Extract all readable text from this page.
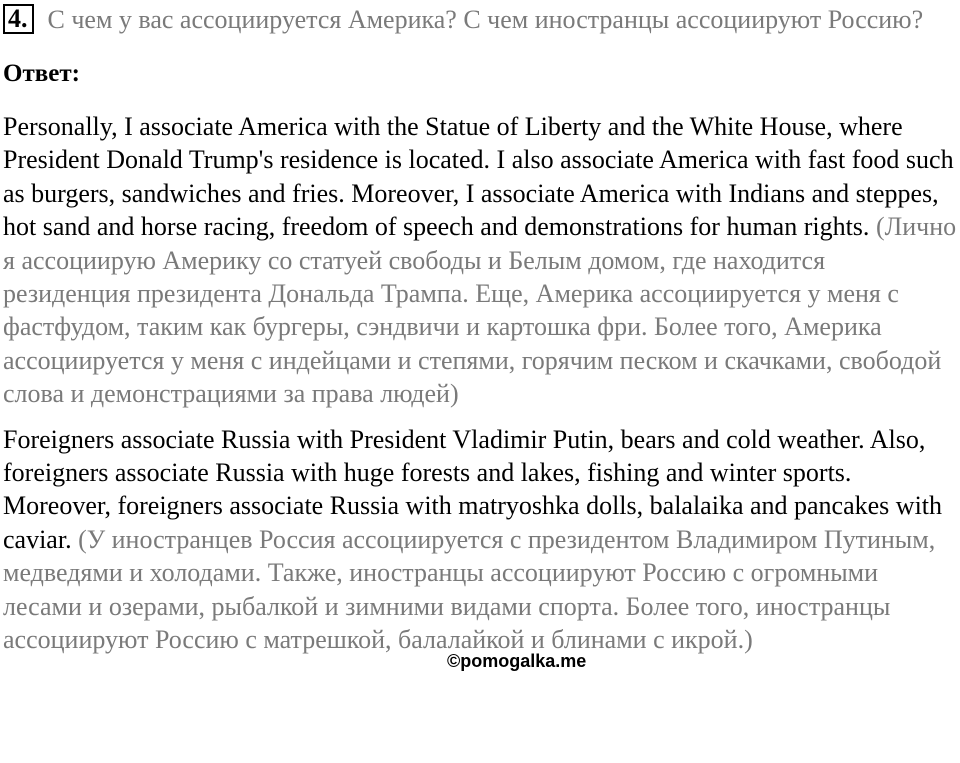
4. С чем у вас ассоциируется Америка? С чем иностранцы ассоциируют Россию?

Ответ:

Personally, I associate America with the Statue of Liberty and the White House, where President Donald Trump's residence is located. I also associate America with fast food such as burgers, sandwiches and fries. Moreover, I associate America with Indians and steppes, hot sand and horse racing, freedom of speech and demonstrations for human rights. (Лично я ассоциирую Америку со статуей свободы и Белым домом, где находится резиденция президента Дональда Трампа. Еще, Америка ассоциируется у меня с фастфудом, таким как бургеры, сэндвичи и картошка фри. Более того, Америка ассоциируется у меня с индейцами и степями, горячим песком и скачками, свободой слова и демонстрациями за права людей)

Foreigners associate Russia with President Vladimir Putin, bears and cold weather. Also, foreigners associate Russia with huge forests and lakes, fishing and winter sports. Moreover, foreigners associate Russia with matryoshka dolls, balalaika and pancakes with caviar. (У иностранцев Россия ассоциируется с президентом Владимиром Путиным, медведями и холодами. Также, иностранцы ассоциируют Россию с огромными лесами и озерами, рыбалкой и зимними видами спорта. Более того, иностранцы ассоциируют Россию с матрешкой, балалайкой и блинами с икрой.)

©pomogalka.me
